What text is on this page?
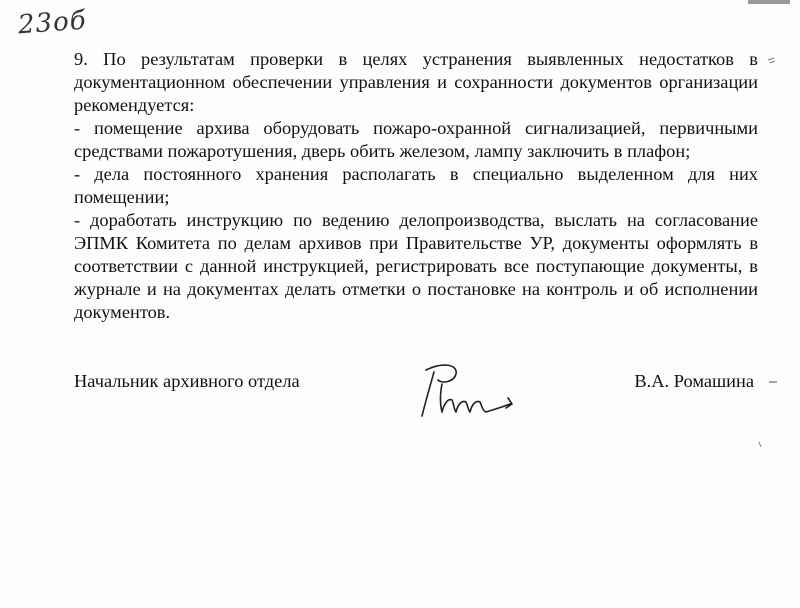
23об

9. По результатам проверки в целях устранения выявленных недостатков в документационном обеспечении управления и сохранности документов организации рекомендуется:

- помещение архива оборудовать пожаро-охранной сигнализацией, первичными средствами пожаротушения, дверь обить железом, лампу заключить в плафон;

- дела постоянного хранения располагать в специально выделенном для них помещении;

- доработать инструкцию по ведению делопроизводства, выслать на согласование ЭПМК Комитета по делам архивов при Правительстве УР, документы оформлять в соответствии с данной инструкцией, регистрировать все поступающие документы, в журнале и на документах делать отметки о постановке на контроль и об исполнении документов.

Начальник архивного отдела	В.А. Ромашина
